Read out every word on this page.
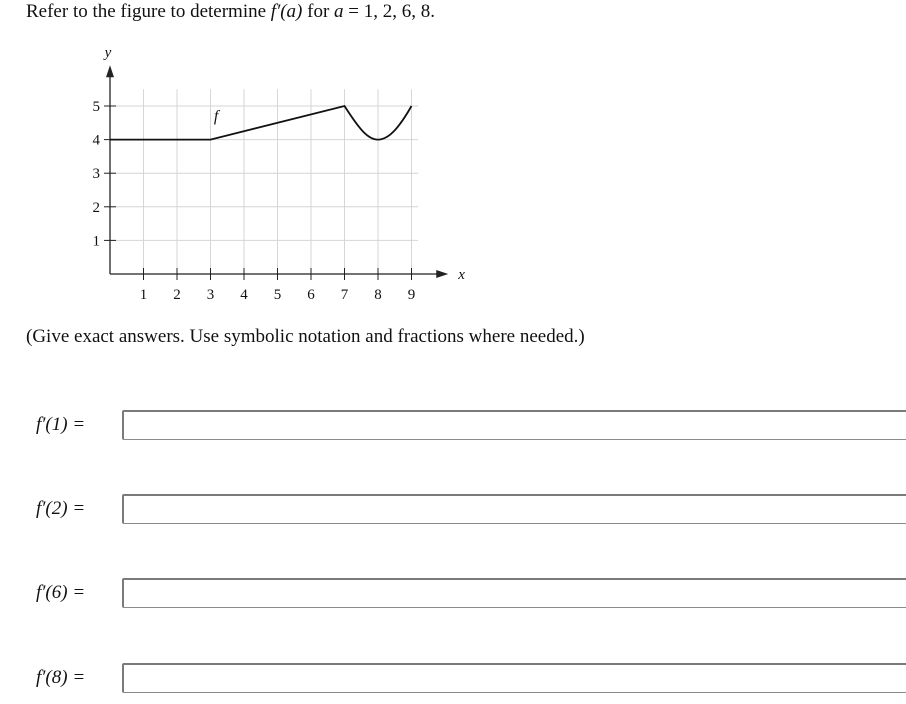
Refer to the figure to determine f′(a) for a = 1, 2, 6, 8.
1 2 3 4 5 6 7 8 9
1
2
3
4
5
x
y
f
(Give exact answers. Use symbolic notation and fractions where needed.)
f′(1) =
f′(2) =
f′(6) =
f′(8) =
